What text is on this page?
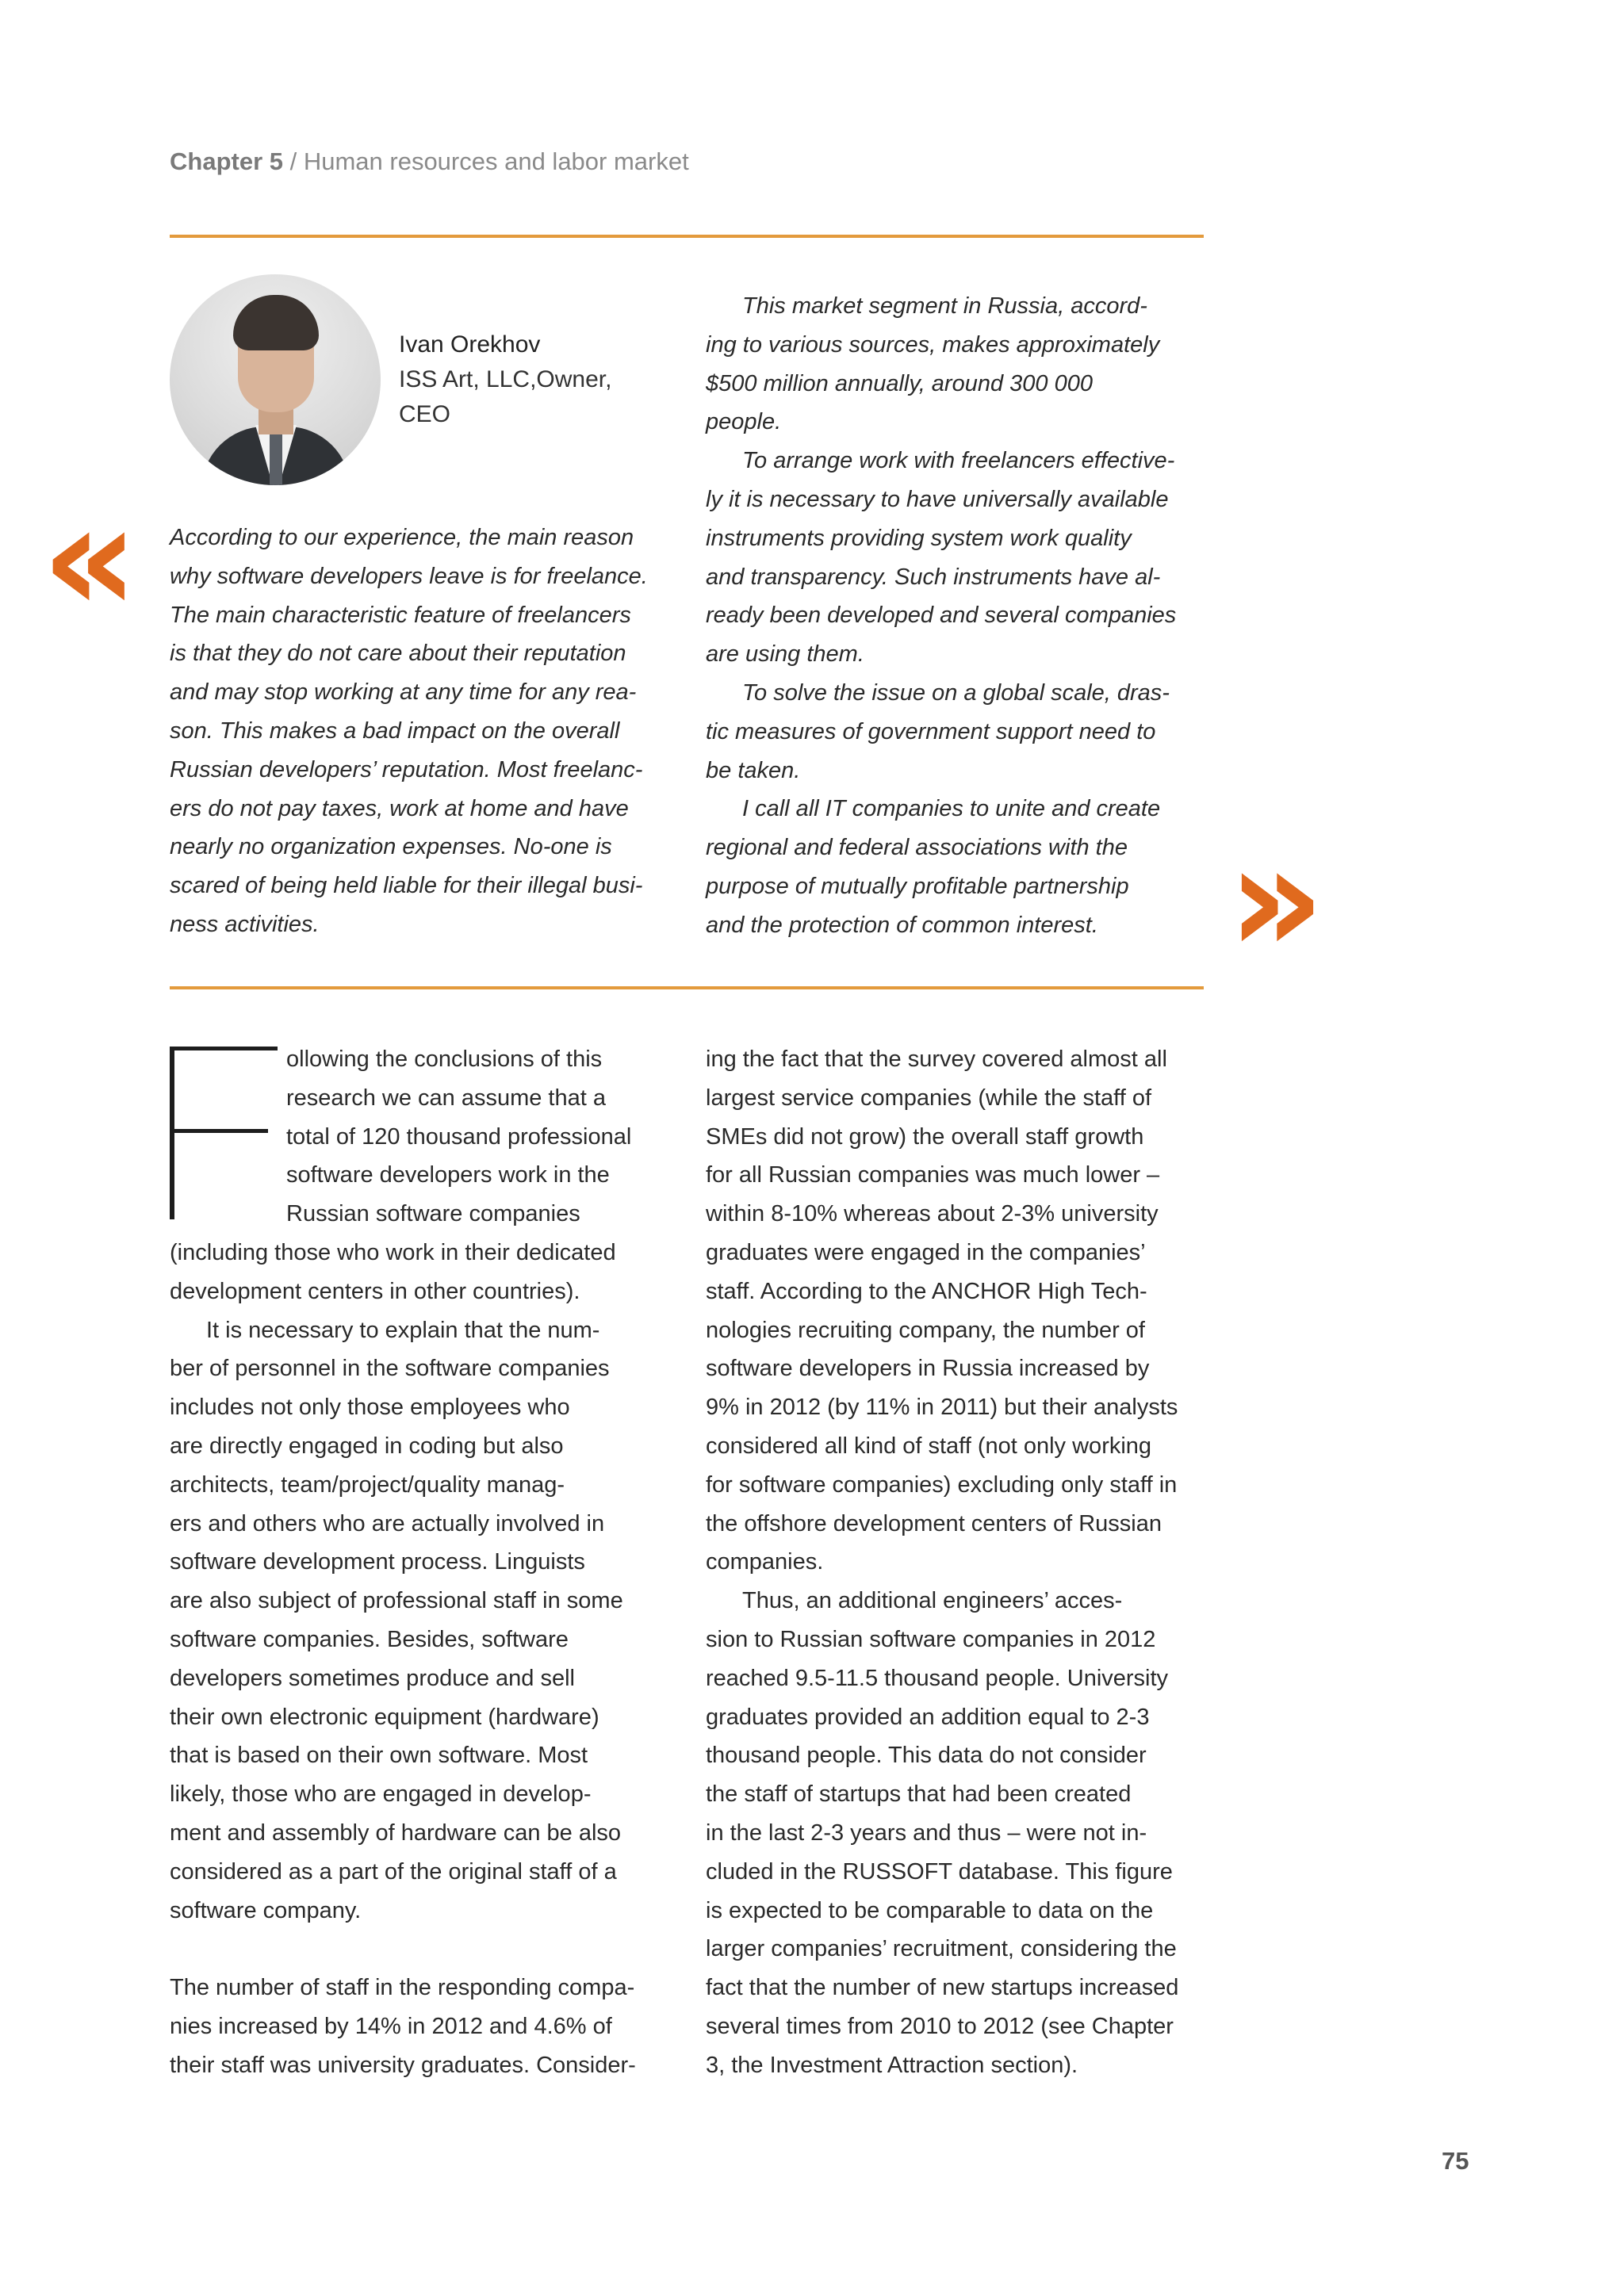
Chapter 5 / Human resources and labor market
Ivan Orekhov
ISS Art, LLC,Owner,
CEO
«
»
According to our experience, the main reason
why software developers leave is for freelance.
The main characteristic feature of freelancers
is that they do not care about their reputation
and may stop working at any time for any rea-
son. This makes a bad impact on the overall
Russian developers’ reputation. Most freelanc-
ers do not pay taxes, work at home and have
nearly no organization expenses. No-one is
scared of being held liable for their illegal busi-
ness activities.
This market segment in Russia, accord-
ing to various sources, makes approximately
$500 million annually, around 300 000
people.
To arrange work with freelancers effective-
ly it is necessary to have universally available
instruments providing system work quality
and transparency. Such instruments have al-
ready been developed and several companies
are using them.
To solve the issue on a global scale, dras-
tic measures of government support need to
be taken.
I call all IT companies to unite and create
regional and federal associations with the
purpose of mutually profitable partnership
and the protection of common interest.
ollowing the conclusions of this
research we can assume that a
total of 120 thousand professional
software developers work in the
Russian software companies
(including those who work in their dedicated
development centers in other countries).
It is necessary to explain that the num-
ber of personnel in the software companies
includes not only those employees who
are directly engaged in coding but also
architects, team/project/quality manag-
ers and others who are actually involved in
software development process. Linguists
are also subject of professional staff in some
software companies. Besides, software
developers sometimes produce and sell
their own electronic equipment (hardware)
that is based on their own software. Most
likely, those who are engaged in develop-
ment and assembly of hardware can be also
considered as a part of the original staff of a
software company.
The number of staff in the responding compa-
nies increased by 14% in 2012 and 4.6% of
their staff was university graduates. Consider-
ing the fact that the survey covered almost all
largest service companies (while the staff of
SMEs did not grow) the overall staff growth
for all Russian companies was much lower –
within 8-10% whereas about 2-3% university
graduates were engaged in the companies’
staff. According to the ANCHOR High Tech-
nologies recruiting company, the number of
software developers in Russia increased by
9% in 2012 (by 11% in 2011) but their analysts
considered all kind of staff (not only working
for software companies) excluding only staff in
the offshore development centers of Russian
companies.
Thus, an additional engineers’ acces-
sion to Russian software companies in 2012
reached 9.5-11.5 thousand people. University
graduates provided an addition equal to 2-3
thousand people. This data do not consider
the staff of startups that had been created
in the last 2-3 years and thus – were not in-
cluded in the RUSSOFT database. This figure
is expected to be comparable to data on the
larger companies’ recruitment, considering the
fact that the number of new startups increased
several times from 2010 to 2012 (see Chapter
3, the Investment Attraction section).
75
